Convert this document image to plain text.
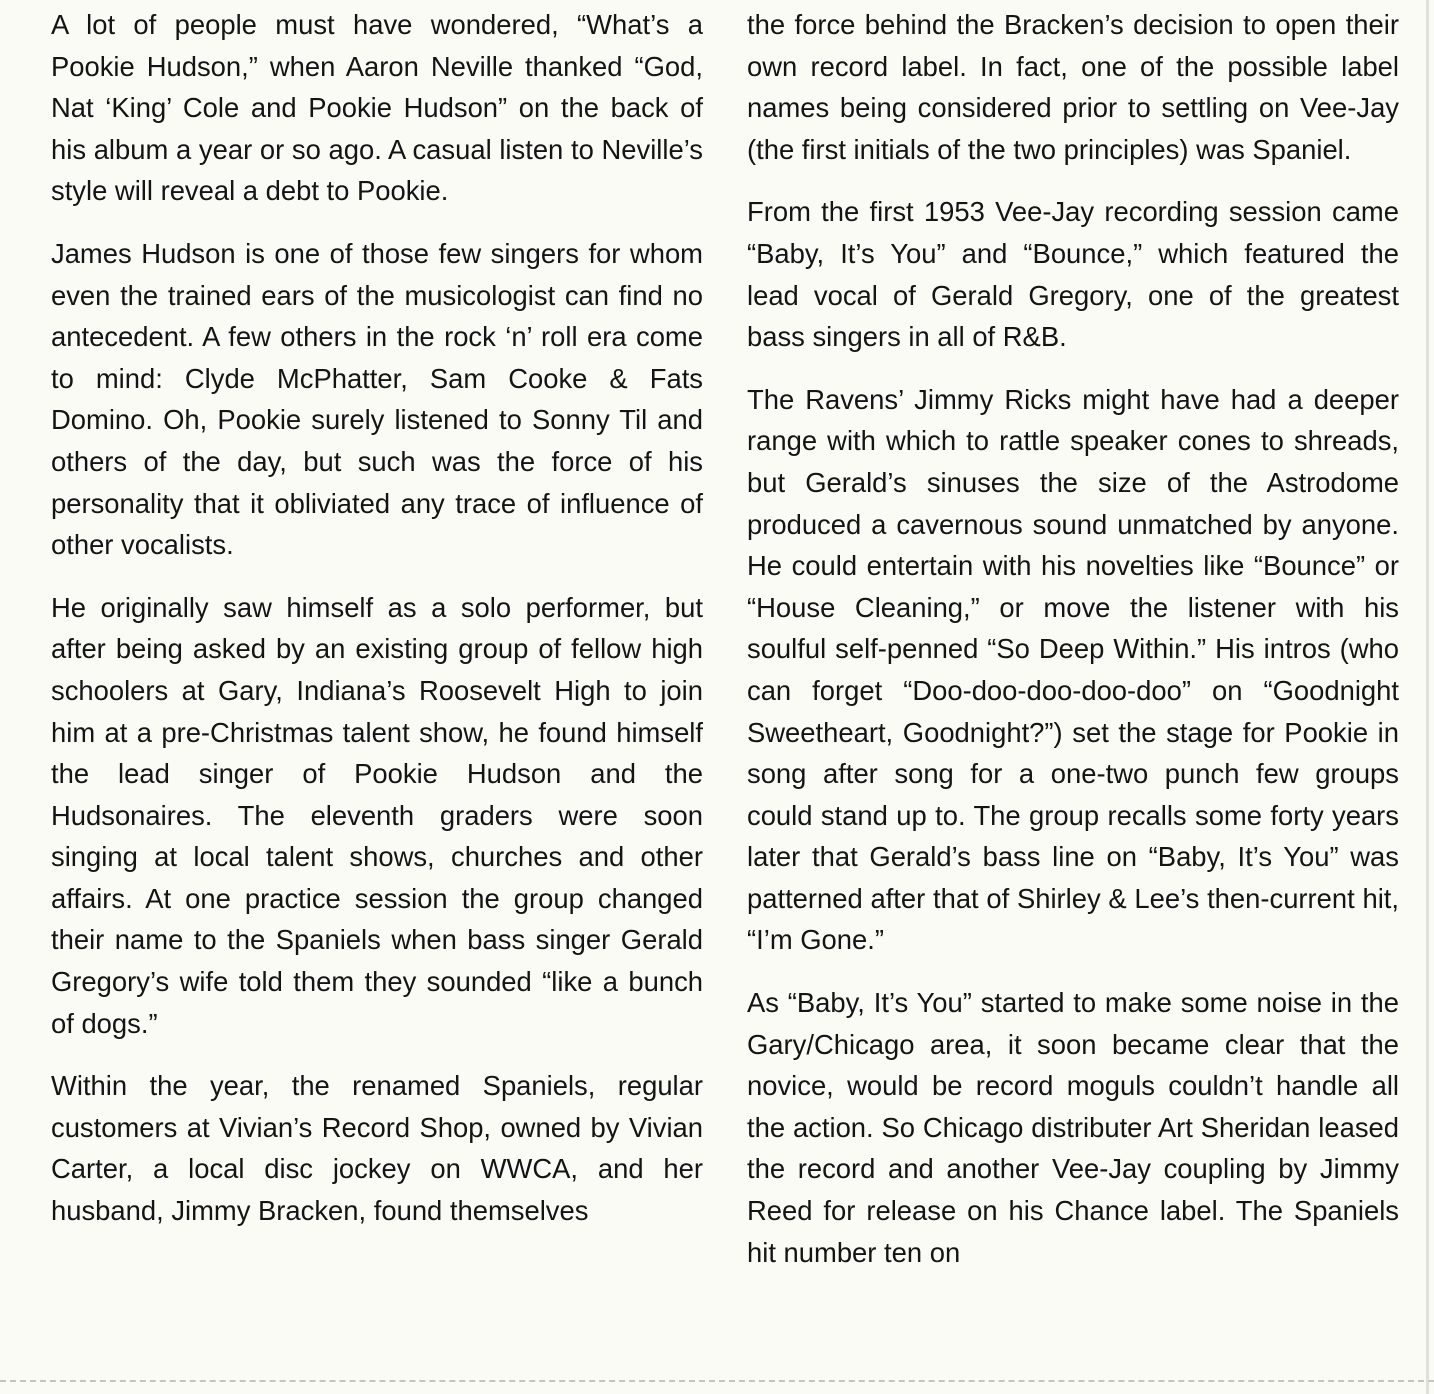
A lot of people must have wondered, “What’s a Pookie Hudson,” when Aaron Neville thanked “God, Nat ‘King’ Cole and Pookie Hudson” on the back of his album a year or so ago. A casual listen to Neville’s style will reveal a debt to Pookie.

James Hudson is one of those few singers for whom even the trained ears of the musicologist can find no antecedent. A few others in the rock ‘n’ roll era come to mind: Clyde McPhatter, Sam Cooke & Fats Domino. Oh, Pookie surely listened to Sonny Til and others of the day, but such was the force of his personality that it obliviated any trace of influence of other vocalists.

He originally saw himself as a solo performer, but after being asked by an existing group of fellow high schoolers at Gary, Indiana’s Roosevelt High to join him at a pre-Christmas talent show, he found himself the lead singer of Pookie Hudson and the Hudsonaires. The eleventh graders were soon singing at local talent shows, churches and other affairs. At one practice session the group changed their name to the Spaniels when bass singer Gerald Gregory’s wife told them they sounded “like a bunch of dogs.”

Within the year, the renamed Spaniels, regular customers at Vivian’s Record Shop, owned by Vivian Carter, a local disc jockey on WWCA, and her husband, Jimmy Bracken, found themselves

the force behind the Bracken’s decision to open their own record label. In fact, one of the possible label names being considered prior to settling on Vee-Jay (the first initials of the two principles) was Spaniel.

From the first 1953 Vee-Jay recording session came “Baby, It’s You” and “Bounce,” which featured the lead vocal of Gerald Gregory, one of the greatest bass singers in all of R&B.

The Ravens’ Jimmy Ricks might have had a deeper range with which to rattle speaker cones to shreads, but Gerald’s sinuses the size of the Astrodome produced a cavernous sound unmatched by anyone. He could entertain with his novelties like “Bounce” or “House Cleaning,” or move the listener with his soulful self-penned “So Deep Within.” His intros (who can forget “Doo-doo-doo-doo-doo” on “Goodnight Sweetheart, Goodnight?”) set the stage for Pookie in song after song for a one-two punch few groups could stand up to. The group recalls some forty years later that Gerald’s bass line on “Baby, It’s You” was patterned after that of Shirley & Lee’s then-current hit, “I’m Gone.”

As “Baby, It’s You” started to make some noise in the Gary/Chicago area, it soon became clear that the novice, would be record moguls couldn’t handle all the action. So Chicago distributer Art Sheridan leased the record and another Vee-Jay coupling by Jimmy Reed for release on his Chance label. The Spaniels hit number ten on
